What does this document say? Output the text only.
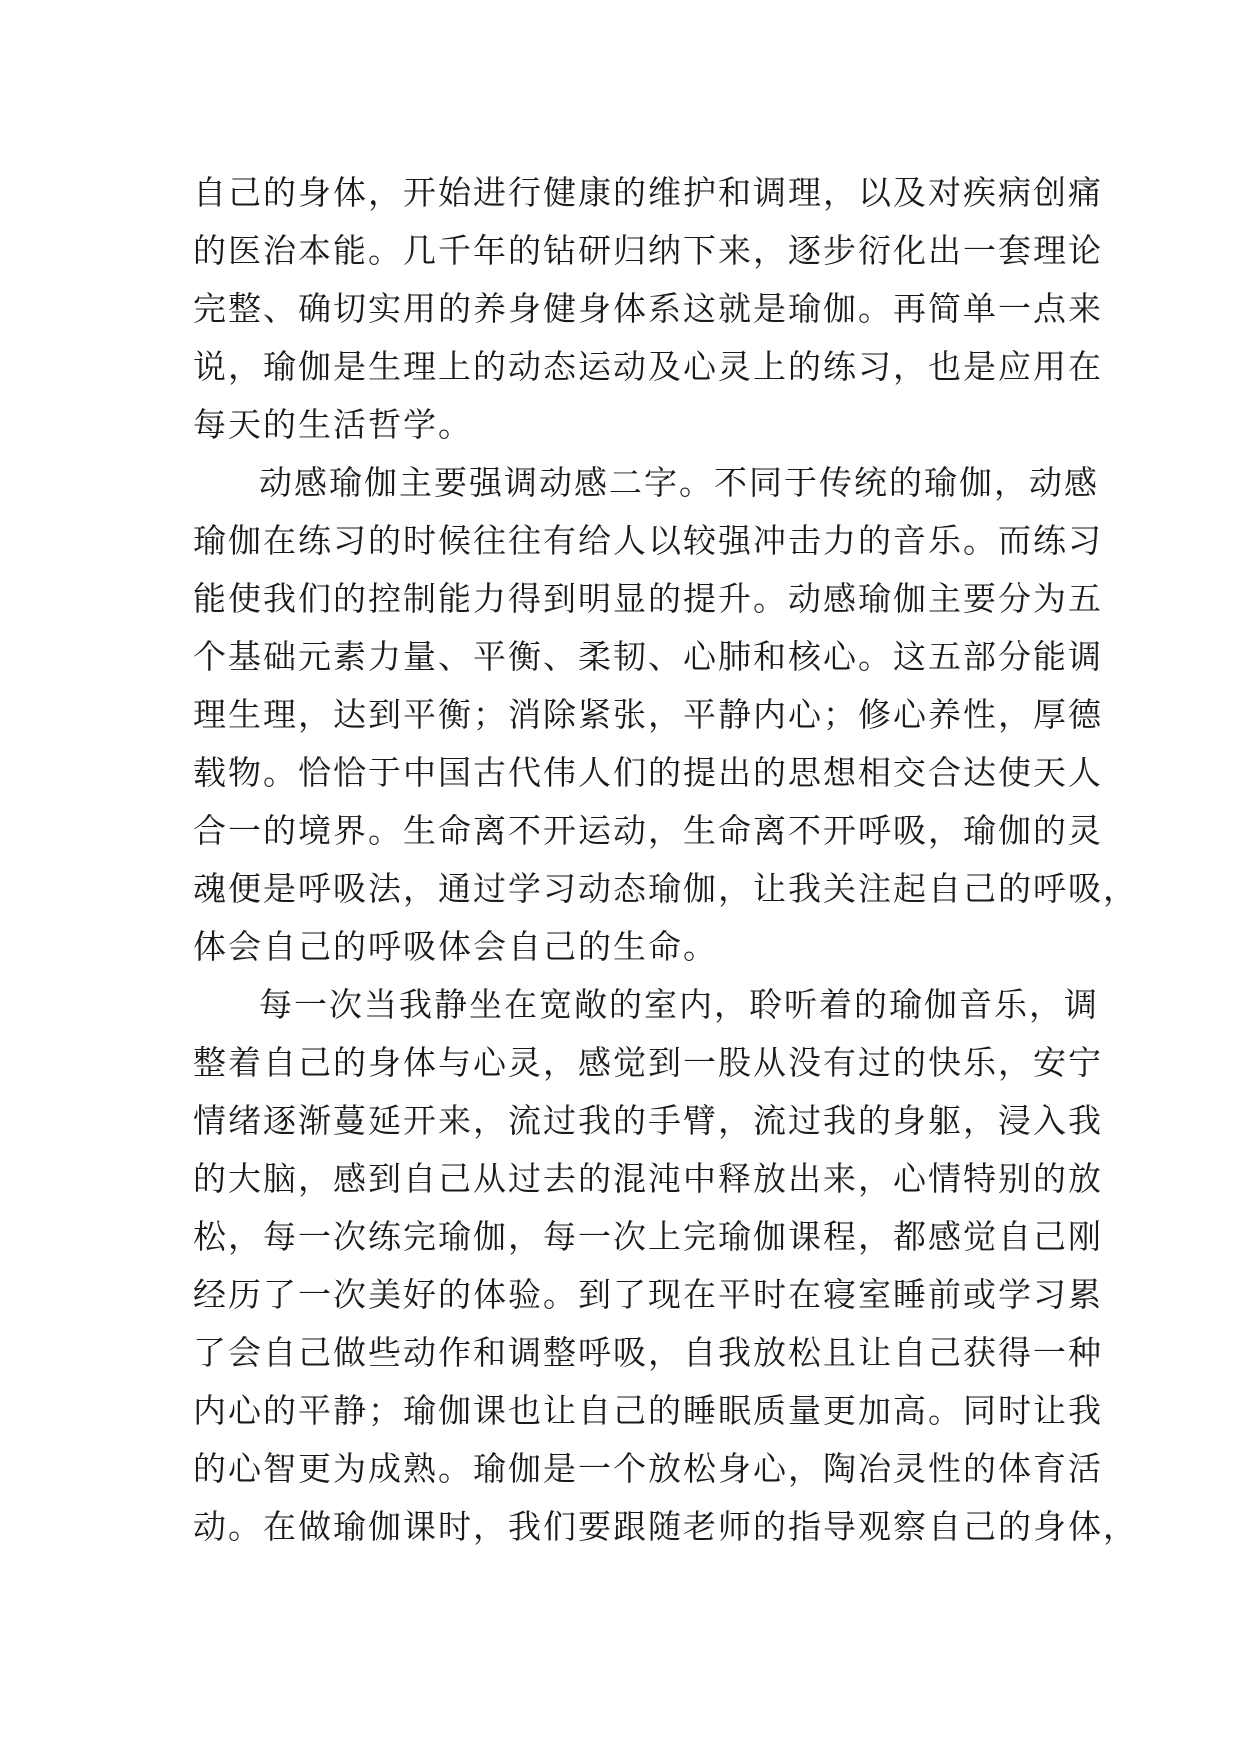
自己的身体，开始进行健康的维护和调理，以及对疾病创痛
的医治本能。几千年的钻研归纳下来，逐步衍化出一套理论
完整、确切实用的养身健身体系这就是瑜伽。再简单一点来
说，瑜伽是生理上的动态运动及心灵上的练习，也是应用在
每天的生活哲学。
动感瑜伽主要强调动感二字。不同于传统的瑜伽，动感
瑜伽在练习的时候往往有给人以较强冲击力的音乐。而练习
能使我们的控制能力得到明显的提升。动感瑜伽主要分为五
个基础元素力量、平衡、柔韧、心肺和核心。这五部分能调
理生理，达到平衡；消除紧张，平静内心；修心养性，厚德
载物。恰恰于中国古代伟人们的提出的思想相交合达使天人
合一的境界。生命离不开运动，生命离不开呼吸，瑜伽的灵
魂便是呼吸法，通过学习动态瑜伽，让我关注起自己的呼吸，
体会自己的呼吸体会自己的生命。
每一次当我静坐在宽敞的室内，聆听着的瑜伽音乐，调
整着自己的身体与心灵，感觉到一股从没有过的快乐，安宁
情绪逐渐蔓延开来，流过我的手臂，流过我的身躯，浸入我
的大脑，感到自己从过去的混沌中释放出来，心情特别的放
松，每一次练完瑜伽，每一次上完瑜伽课程，都感觉自己刚
经历了一次美好的体验。到了现在平时在寝室睡前或学习累
了会自己做些动作和调整呼吸，自我放松且让自己获得一种
内心的平静；瑜伽课也让自己的睡眠质量更加高。同时让我
的心智更为成熟。瑜伽是一个放松身心，陶冶灵性的体育活
动。在做瑜伽课时，我们要跟随老师的指导观察自己的身体，
